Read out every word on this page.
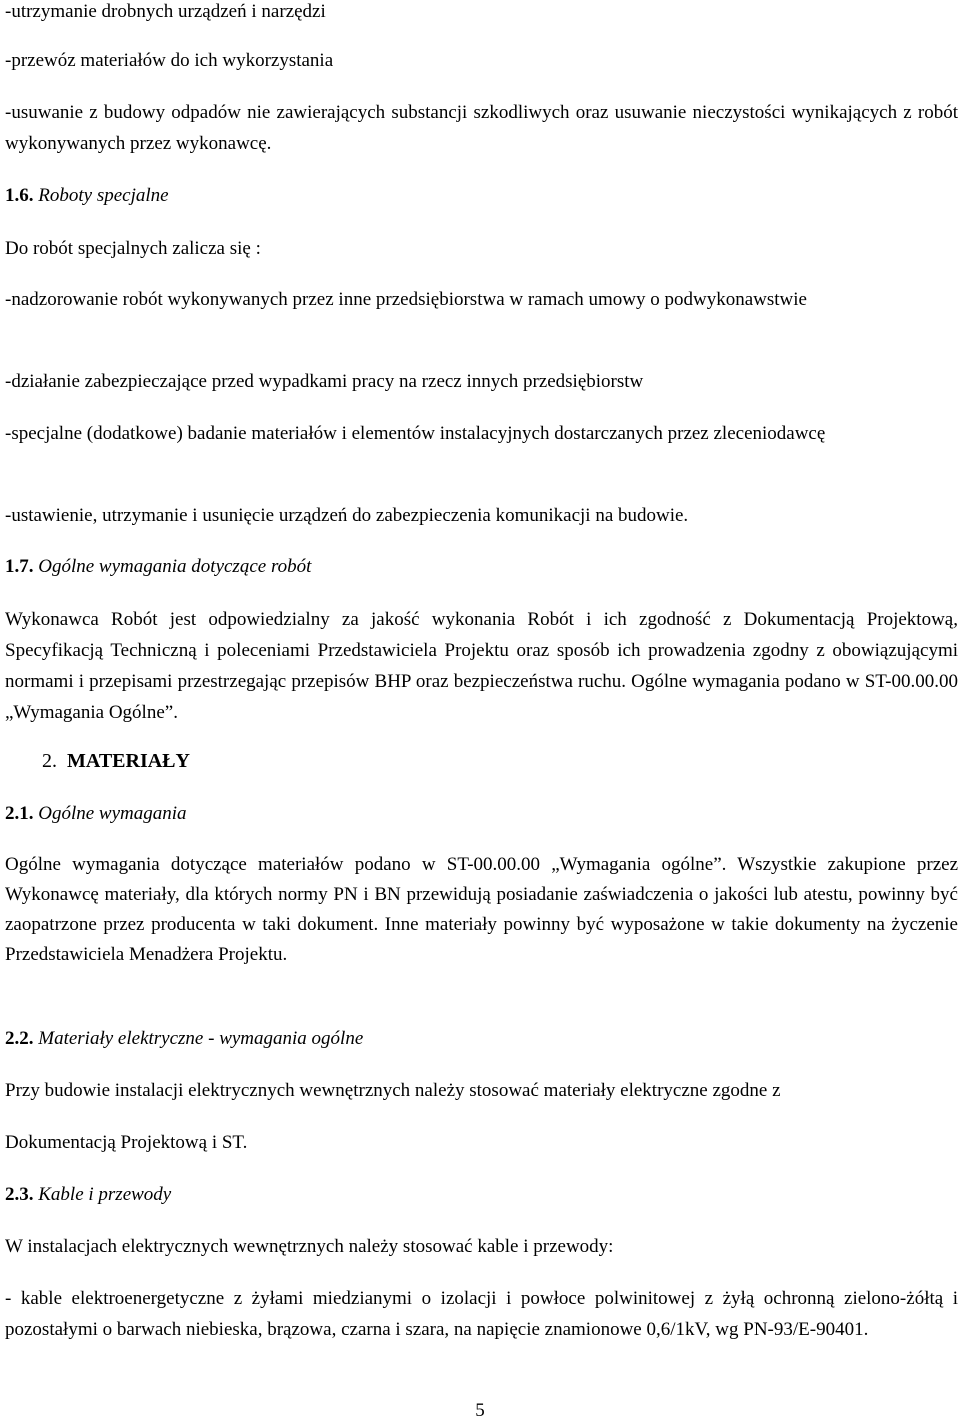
-utrzymanie drobnych urządzeń i narzędzi

-przewóz materiałów do ich wykorzystania

-usuwanie z budowy odpadów nie zawierających substancji szkodliwych oraz usuwanie nieczystości wynikających z robót wykonywanych przez wykonawcę.

1.6. Roboty specjalne

Do robót specjalnych zalicza się :

-nadzorowanie robót wykonywanych przez inne przedsiębiorstwa w ramach umowy o podwykonawstwie

-działanie zabezpieczające przed wypadkami pracy na rzecz innych przedsiębiorstw

-specjalne (dodatkowe) badanie materiałów i elementów instalacyjnych dostarczanych przez zleceniodawcę

-ustawienie, utrzymanie i usunięcie urządzeń do zabezpieczenia komunikacji na budowie.

1.7. Ogólne wymagania dotyczące robót

Wykonawca Robót jest odpowiedzialny za jakość wykonania Robót i ich zgodność z Dokumentacją Projektową, Specyfikacją Techniczną i poleceniami Przedstawiciela Projektu oraz sposób ich prowadzenia zgodny z obowiązującymi normami i przepisami przestrzegając przepisów BHP oraz bezpieczeństwa ruchu. Ogólne wymagania podano w ST-00.00.00 „Wymagania Ogólne”.

2. MATERIAŁY
2.1. Ogólne wymagania

Ogólne wymagania dotyczące materiałów podano w ST-00.00.00 „Wymagania ogólne”. Wszystkie zakupione przez Wykonawcę materiały, dla których normy PN i BN przewidują posiadanie zaświadczenia o jakości lub atestu, powinny być zaopatrzone przez producenta w taki dokument. Inne materiały powinny być wyposażone w takie dokumenty na życzenie Przedstawiciela Menadżera Projektu.

2.2. Materiały elektryczne - wymagania ogólne

Przy budowie instalacji elektrycznych wewnętrznych należy stosować materiały elektryczne zgodne z

Dokumentacją Projektową i ST.

2.3. Kable i przewody

W instalacjach elektrycznych wewnętrznych należy stosować kable i przewody:

- kable elektroenergetyczne z żyłami miedzianymi o izolacji i powłoce polwinitowej z żyłą ochronną zielono-żółtą i pozostałymi o barwach niebieska, brązowa, czarna i szara, na napięcie znamionowe 0,6/1kV, wg PN-93/E-90401.

5
